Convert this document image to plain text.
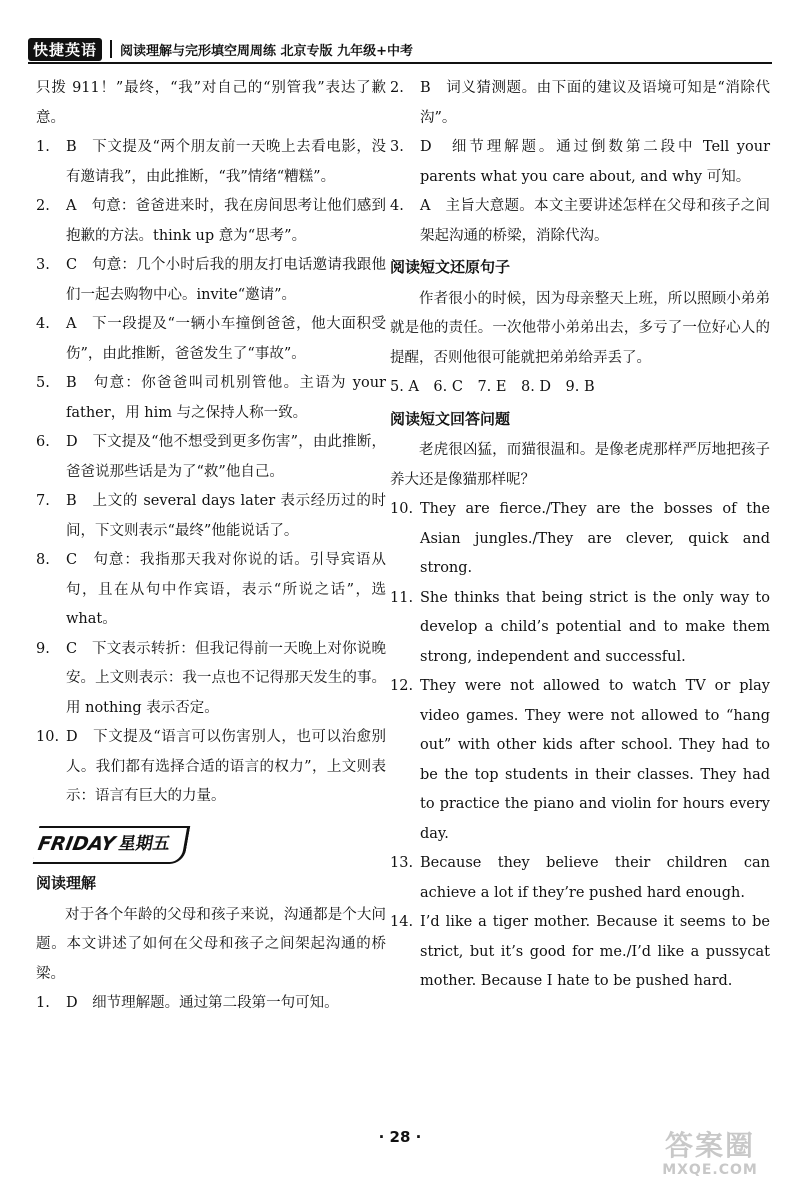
快捷英语	阅读理解与完形填空周周练 北京专版 九年级+中考

只拨 911！”最终，“我”对自己的“别管我”表达了歉意。

1.	B　下文提及“两个朋友前一天晚上去看电影，没有邀请我”，由此推断，“我”情绪“糟糕”。
2.	A　句意：爸爸进来时，我在房间思考让他们感到抱歉的方法。think up 意为“思考”。
3.	C　句意：几个小时后我的朋友打电话邀请我跟他们一起去购物中心。invite“邀请”。
4.	A　下一段提及“一辆小车撞倒爸爸，他大面积受伤”，由此推断，爸爸发生了“事故”。
5.	B　句意：你爸爸叫司机别管他。主语为 your father，用 him 与之保持人称一致。
6.	D　下文提及“他不想受到更多伤害”，由此推断，爸爸说那些话是为了“救”他自己。
7.	B　上文的 several days later 表示经历过的时间，下文则表示“最终”他能说话了。
8.	C　句意：我指那天我对你说的话。引导宾语从句，且在从句中作宾语，表示“所说之话”，选 what。
9.	C　下文表示转折：但我记得前一天晚上对你说晚安。上文则表示：我一点也不记得那天发生的事。用 nothing 表示否定。
10. D　下文提及“语言可以伤害别人，也可以治愈别人。我们都有选择合适的语言的权力”，上文则表示：语言有巨大的力量。
FRIDAY 星期五
阅读理解

对于各个年龄的父母和孩子来说，沟通都是个大问题。本文讲述了如何在父母和孩子之间架起沟通的桥梁。

1.	D　细节理解题。通过第二段第一句可知。
2.	B　词义猜测题。由下面的建议及语境可知是“消除代沟”。
3.	D　细节理解题。通过倒数第二段中 Tell your parents what you care about, and why 可知。
4.	A　主旨大意题。本文主要讲述怎样在父母和孩子之间架起沟通的桥梁，消除代沟。
阅读短文还原句子

作者很小的时候，因为母亲整天上班，所以照顾小弟弟就是他的责任。一次他带小弟弟出去，多亏了一位好心人的提醒，否则他很可能就把弟弟给弄丢了。

5. A　6. C　7. E　8. D　9. B

阅读短文回答问题

老虎很凶猛，而猫很温和。是像老虎那样严厉地把孩子养大还是像猫那样呢？

10. They are fierce./They are the bosses of the Asian jungles./They are clever, quick and strong.
11. She thinks that being strict is the only way to develop a child’s potential and to make them strong, independent and successful.
12. They were not allowed to watch TV or play video games. They were not allowed to “hang out” with other kids after school. They had to be the top students in their classes. They had to practice the piano and violin for hours every day.
13. Because they believe their children can achieve a lot if they’re pushed hard enough.
14. I’d like a tiger mother. Because it seems to be strict, but it’s good for me./I’d like a pussycat mother. Because I hate to be pushed hard.
· 28 ·	答案圈
MXQE.COM
